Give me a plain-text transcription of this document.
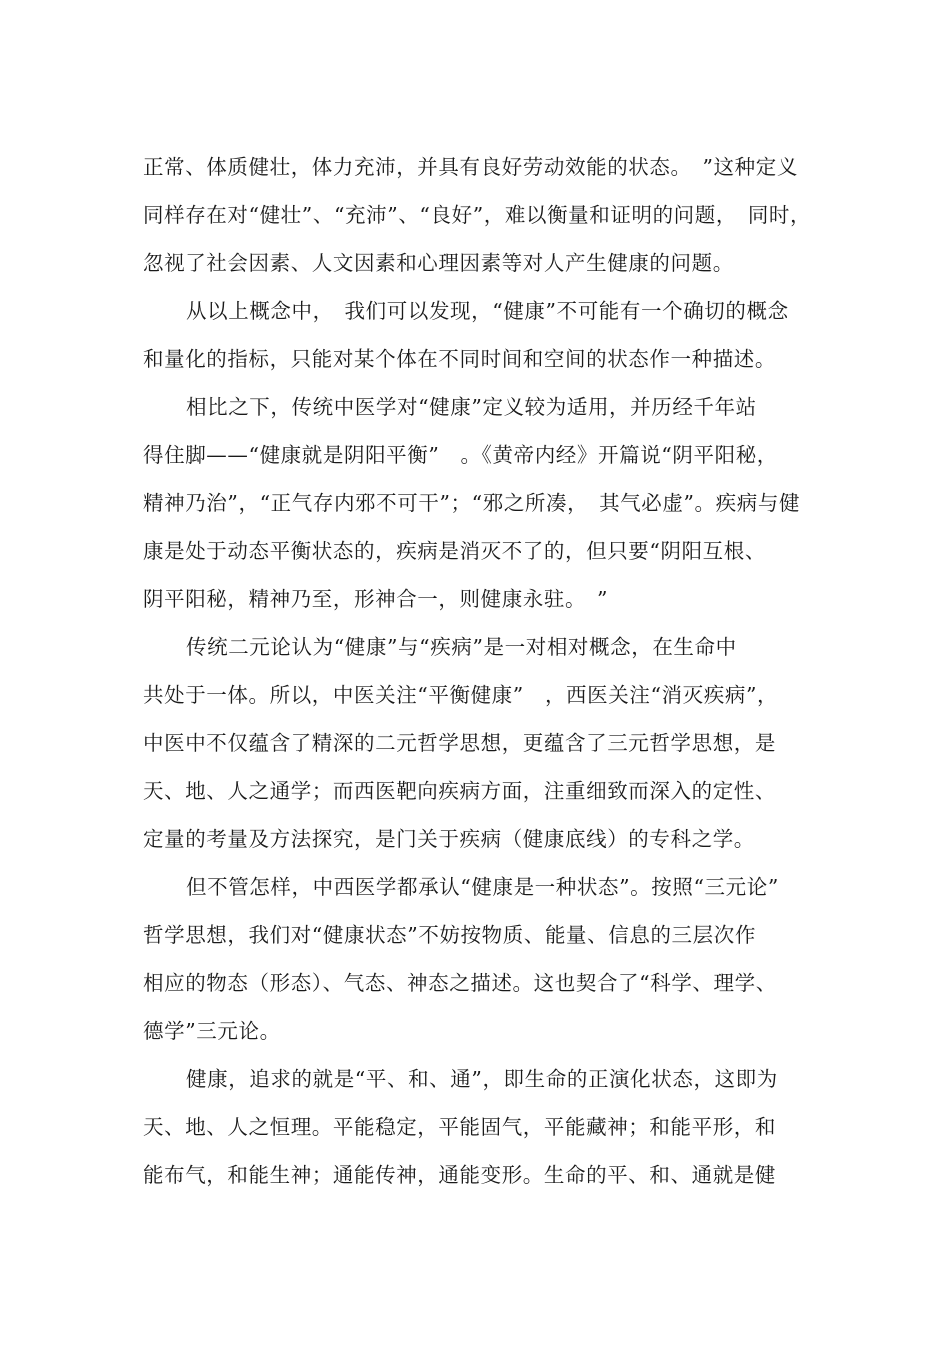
正常、体质健壮，体力充沛，并具有良好劳动效能的状态。　”这种定义
同样存在对“健壮”、“充沛”、“良好”，难以衡量和证明的问题，　同时，
忽视了社会因素、人文因素和心理因素等对人产生健康的问题。
从以上概念中，　我们可以发现，“健康”不可能有一个确切的概念
和量化的指标，只能对某个体在不同时间和空间的状态作一种描述。
相比之下，传统中医学对“健康”定义较为适用，并历经千年站
得住脚——“健康就是阴阳平衡”　。《黄帝内经》开篇说“阴平阳秘，
精神乃治”，“正气存内邪不可干”；“邪之所凑，　其气必虚”。疾病与健
康是处于动态平衡状态的，疾病是消灭不了的，但只要“阴阳互根、
阴平阳秘，精神乃至，形神合一，则健康永驻。　”
传统二元论认为“健康”与“疾病”是一对相对概念，在生命中
共处于一体。所以，中医关注“平衡健康”　，西医关注“消灭疾病”，
中医中不仅蕴含了精深的二元哲学思想，更蕴含了三元哲学思想，是
天、地、人之通学；而西医靶向疾病方面，注重细致而深入的定性、
定量的考量及方法探究，是门关于疾病（健康底线）的专科之学。
但不管怎样，中西医学都承认“健康是一种状态”。按照“三元论”
哲学思想，我们对“健康状态”不妨按物质、能量、信息的三层次作
相应的物态（形态）、气态、神态之描述。这也契合了“科学、理学、
德学”三元论。
健康，追求的就是“平、和、通”，即生命的正演化状态，这即为
天、地、人之恒理。平能稳定，平能固气，平能藏神；和能平形，和
能布气，和能生神；通能传神，通能变形。生命的平、和、通就是健
